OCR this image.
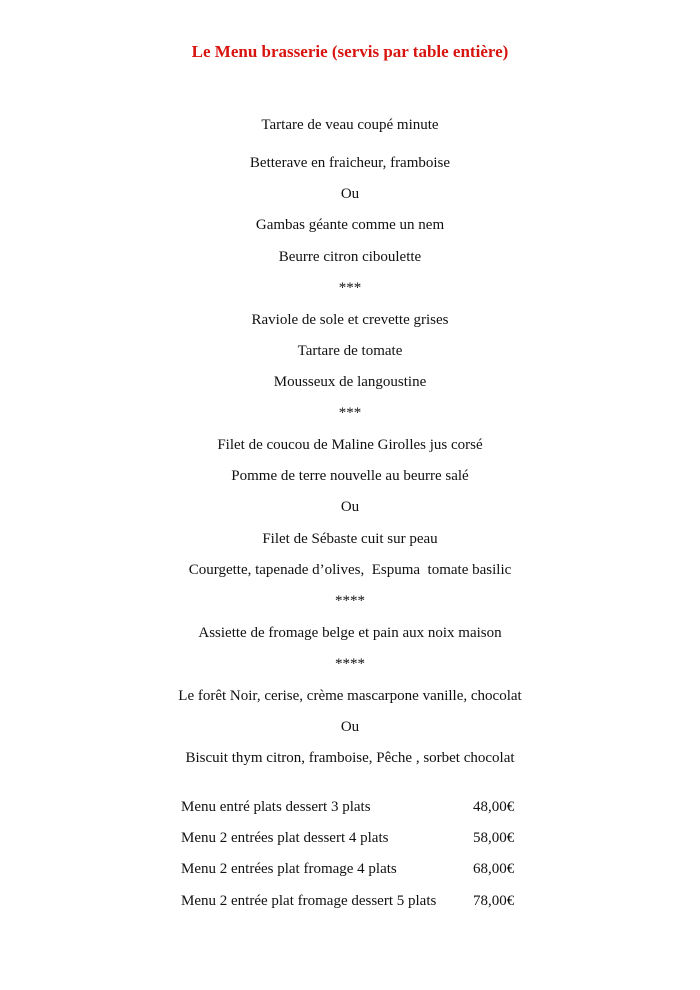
Le Menu brasserie (servis par table entière)
Tartare de veau coupé minute
Betterave en fraicheur, framboise
Ou
Gambas géante comme un nem
Beurre citron ciboulette
***
Raviole de sole et crevette grises
Tartare de tomate
Mousseux de langoustine
***
Filet de coucou de Maline Girolles jus corsé
Pomme de terre nouvelle au beurre salé
Ou
Filet de Sébaste cuit sur peau
Courgette, tapenade d’olives,  Espuma  tomate basilic
****
Assiette de fromage belge et pain aux noix maison
****
Le forêt Noir, cerise, crème mascarpone vanille, chocolat
Ou
Biscuit thym citron, framboise, Pêche , sorbet chocolat
Menu entré plats dessert 3 plats	48,00€
Menu 2 entrées plat dessert 4 plats	58,00€
Menu 2 entrées plat fromage 4 plats	68,00€
Menu 2 entrée plat fromage dessert 5 plats 78,00€
